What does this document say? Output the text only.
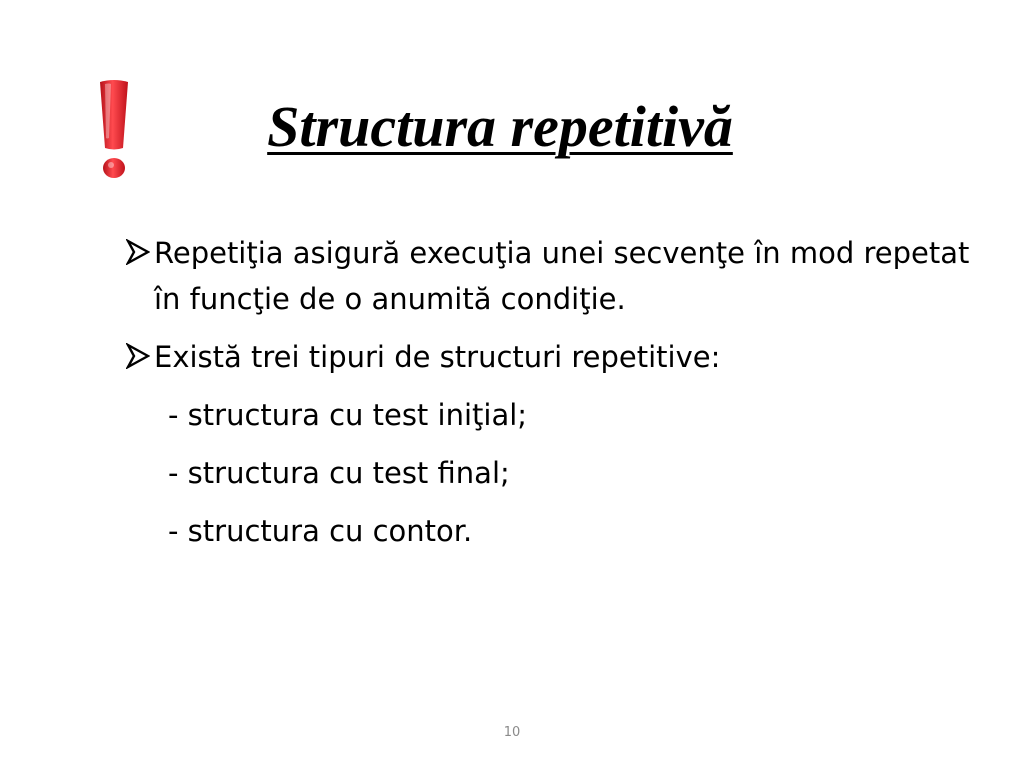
Structura repetitivă
Repetiţia asigură execuţia unei secvenţe în mod repetat în funcţie de o anumită condiţie.
Există trei tipuri de structuri repetitive:
- structura cu test iniţial;
- structura cu test final;
- structura cu contor.
10
